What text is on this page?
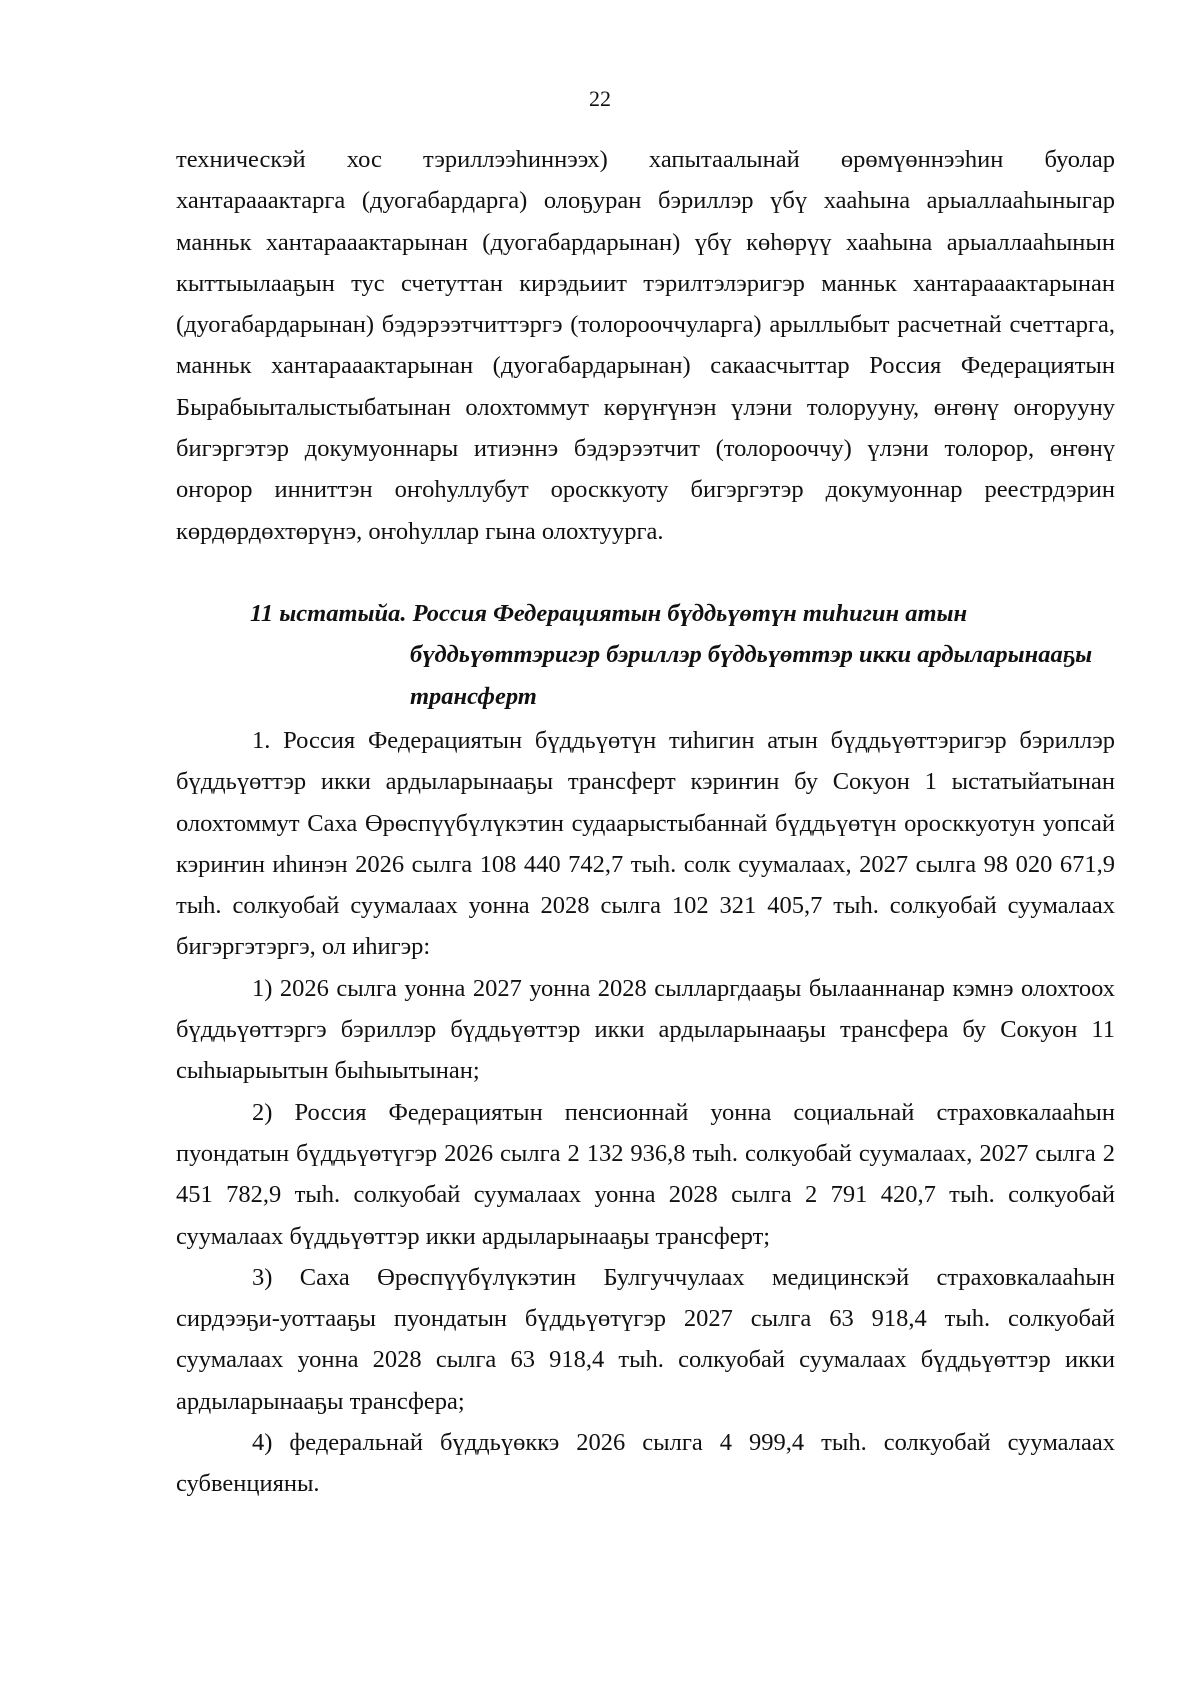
22

техническэй хос тэриллээһиннээх) хапытаалынай өрөмүөннээһин буолар хантарааактарга (дуогабардарга) олоҕуран бэриллэр үбү хааһына арыаллааһыныгар манньк хантарааактарынан (дуогабардарынан) үбү көһөрүү хааһына арыаллааһынын кыттыылааҕын тус счетуттан кирэдьиит тэрилтэлэригэр манньк хантарааактарынан (дуогабардарынан) бэдэрээтчиттэргэ (толорооччуларга) арыллыбыт расчетнай счеттарга, манньк хантарааактарынан (дуогабардарынан) сакаасчыттар Россия Федерациятын Бырабыыталыстыбатынан олохтоммут көрүҥүнэн үлэни толорууну, өҥөнү оҥорууну бигэргэтэр докумуоннары итиэннэ бэдэрээтчит (толорооччу) үлэни толорор, өҥөнү оҥорор инниттэн оҥоһуллубут оросккуоту бигэргэтэр докумуоннар реестрдэрин көрдөрдөхтөрүнэ, оҥоһуллар гына олохтуурга.

11 ыстатыйа. Россия Федерациятын бүддьүөтүн тиһигин атын
бүддьүөттэригэр бэриллэр бүддьүөттэр икки ардыларынааҕы
трансферт

1. Россия Федерациятын бүддьүөтүн тиһигин атын бүддьүөттэригэр бэриллэр бүддьүөттэр икки ардыларынааҕы трансферт кэриҥин бу Сокуон 1 ыстатыйатынан олохтоммут Саха Өрөспүүбүлүкэтин судаарыстыбаннай бүддьүөтүн оросккуотун уопсай кэриҥин иһинэн 2026 сылга 108 440 742,7 тыһ. солк суумалаах, 2027 сылга 98 020 671,9 тыһ. солкуобай суумалаах уонна 2028 сылга 102 321 405,7 тыһ. солкуобай суумалаах бигэргэтэргэ, ол иһигэр:

1) 2026 сылга уонна 2027 уонна 2028 сылларгдааҕы былааннанар кэмнэ олохтоох бүддьүөттэргэ бэриллэр бүддьүөттэр икки ардыларынааҕы трансфера бу Сокуон 11 сыһыарыытын быһыытынан;

2) Россия Федерациятын пенсионнай уонна социальнай страховкалааһын пуондатын бүддьүөтүгэр 2026 сылга 2 132 936,8 тыһ. солкуобай суумалаах, 2027 сылга 2 451 782,9 тыһ. солкуобай суумалаах уонна 2028 сылга 2 791 420,7 тыһ. солкуобай суумалаах бүддьүөттэр икки ардыларынааҕы трансферт;

3) Саха Өрөспүүбүлүкэтин Булгуччулаах медицинскэй страховкалааһын сирдээҕи-уоттааҕы пуондатын бүддьүөтүгэр 2027 сылга 63 918,4 тыһ. солкуобай суумалаах уонна 2028 сылга 63 918,4 тыһ. солкуобай суумалаах бүддьүөттэр икки ардыларынааҕы трансфера;

4) федеральнай бүддьүөккэ 2026 сылга 4 999,4 тыһ. солкуобай суумалаах субвенцияны.
